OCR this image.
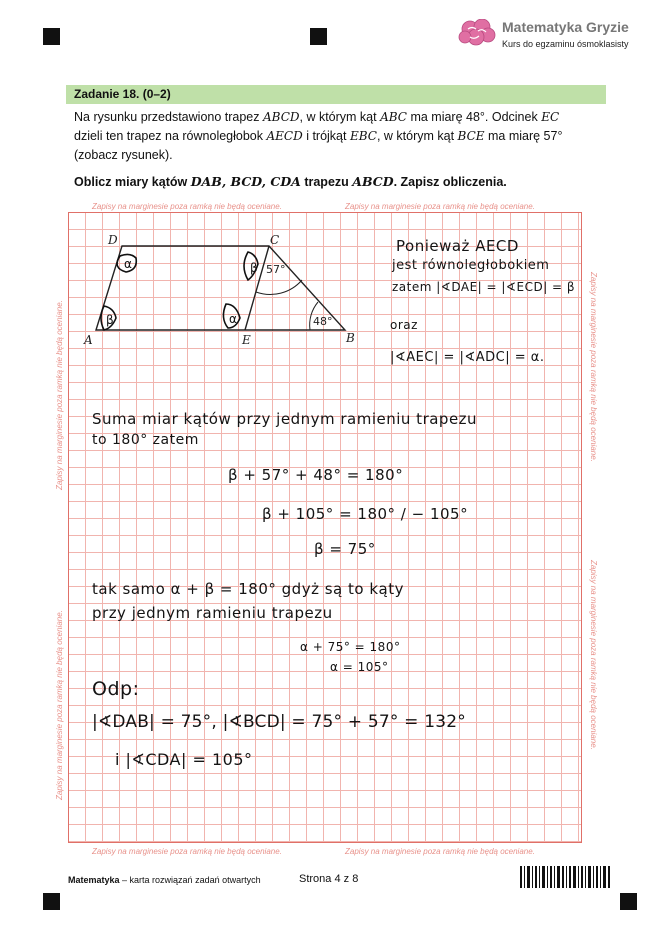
Matematyka Gryzie
Kurs do egzaminu ósmoklasisty
Zadanie 18. (0–2)
Na rysunku przedstawiono trapez ABCD, w którym kąt ABC ma miarę 48°. Odcinek EC
dzieli ten trapez na równoległobok AECD i trójkąt EBC, w którym kąt BCE ma miarę 57°
(zobacz rysunek).
Oblicz miary kątów DAB, BCD, CDA trapezu ABCD. Zapisz obliczenia.
Zapisy na marginesie poza ramką nie będą oceniane.	Zapisy na marginesie poza ramką nie będą oceniane.
Zapisy na marginesie poza ramką nie będą oceniane.	Zapisy na marginesie poza ramką nie będą oceniane.
Zapisy na marginesie poza ramką nie będą oceniane.
Zapisy na marginesie poza ramką nie będą oceniane.
Zapisy na marginesie poza ramką nie będą oceniane.
Zapisy na marginesie poza ramką nie będą oceniane.
D	C
A	E	B
57°
48°
α	β
α
β
Ponieważ AECD
jest równoległobokiem
zatem |∢DAE| = |∢ECD| = β
oraz
|∢AEC| = |∢ADC| = α.
Suma miar kątów przy jednym ramieniu trapezu
to 180° zatem
β + 57° + 48° = 180°
β + 105° = 180° / − 105°
β = 75°
tak samo α + β = 180° gdyż są to kąty
przy jednym ramieniu trapezu
α + 75° = 180°
α = 105°
Odp:
|∢DAB| = 75°, |∢BCD| = 75° + 57° = 132°
i |∢CDA| = 105°
Matematyka – karta rozwiązań zadań otwartych	Strona 4 z 8
